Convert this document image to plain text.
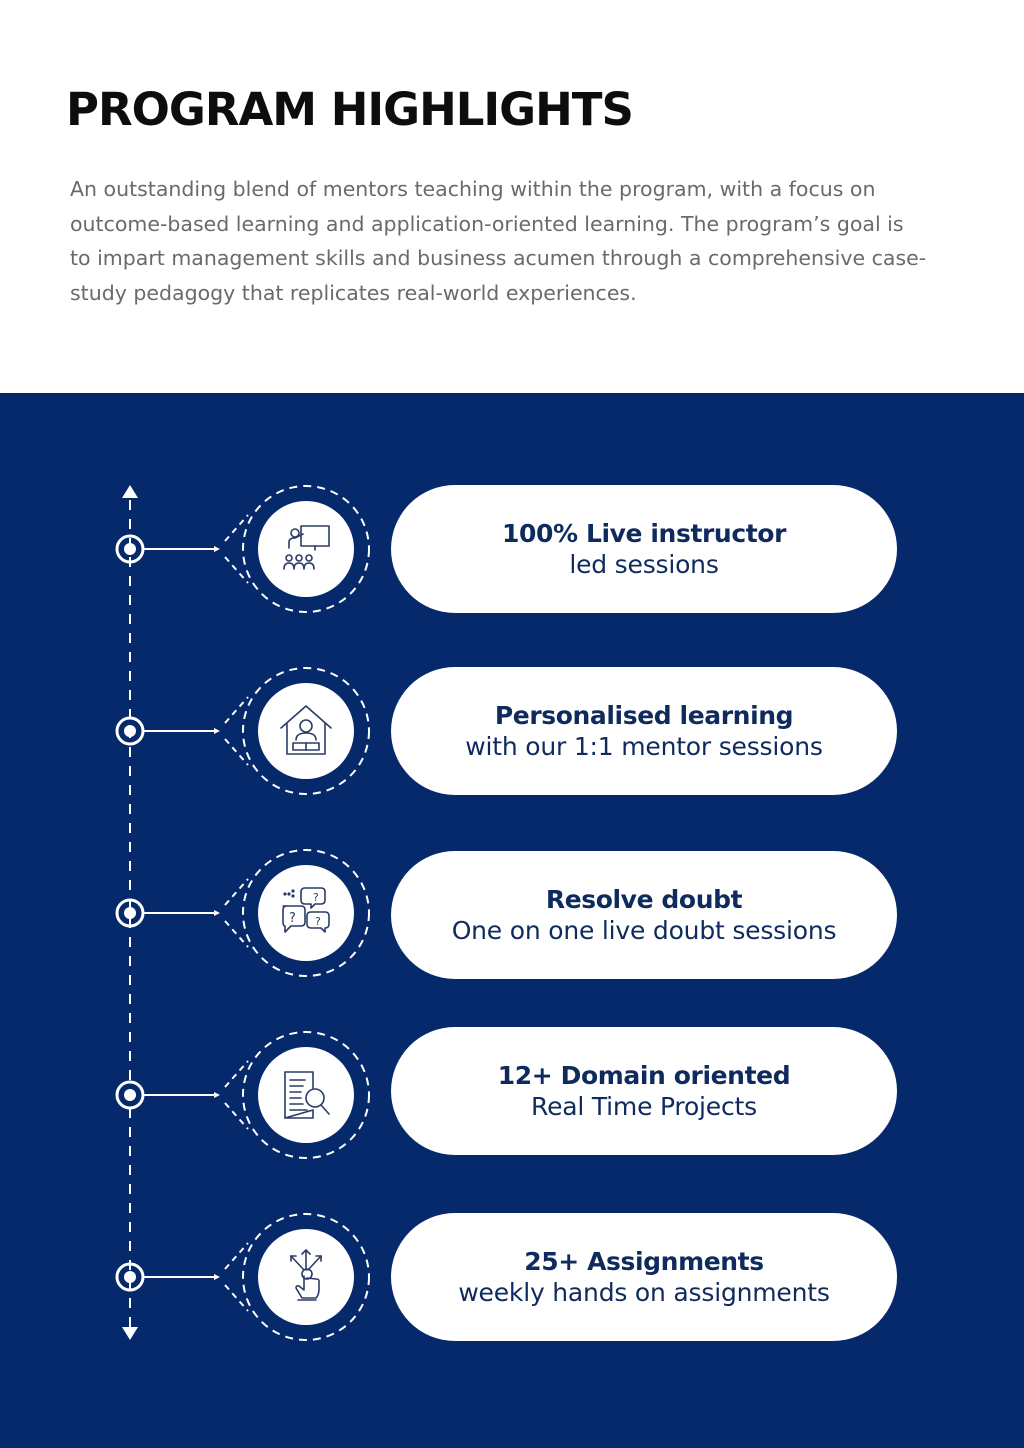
PROGRAM HIGHLIGHTS

An outstanding blend of mentors teaching within the program, with a focus on outcome-based learning and application-oriented learning. The program’s goal is to impart management skills and business acumen through a comprehensive case-study pedagogy that replicates real-world experiences.

?
? ?
100% Live instructor
led sessions
Personalised learning
with our 1:1 mentor sessions
Resolve doubt
One on one live doubt sessions
12+ Domain oriented
Real Time Projects
25+ Assignments
weekly hands on assignments
